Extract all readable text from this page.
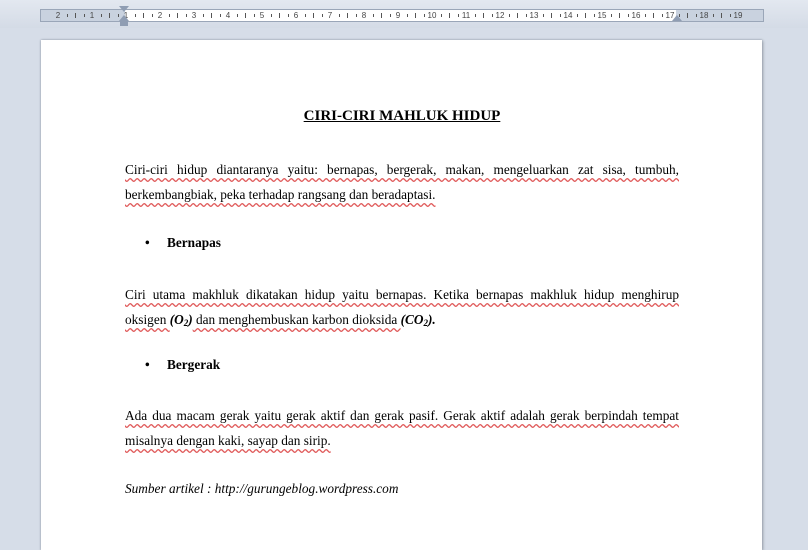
2	1	1	2	3	4	5	6	7	8	9	10	11	12	13	14	15	16	17	18	19
CIRI-CIRI MAHLUK HIDUP
Ciri-ciri hidup diantaranya yaitu: bernapas, bergerak, makan, mengeluarkan zat sisa, tumbuh, berkembangbiak, peka terhadap rangsang dan beradaptasi.
• Bernapas
Ciri utama makhluk dikatakan hidup yaitu bernapas. Ketika bernapas makhluk hidup menghirup oksigen $(O_2)$ dan menghembuskan karbon dioksida $(CO_2)$.
• Bergerak
Ada dua macam gerak yaitu gerak aktif dan gerak pasif. Gerak aktif adalah gerak berpindah tempat misalnya dengan kaki, sayap dan sirip.
Sumber artikel : http://gurungeblog.wordpress.com
